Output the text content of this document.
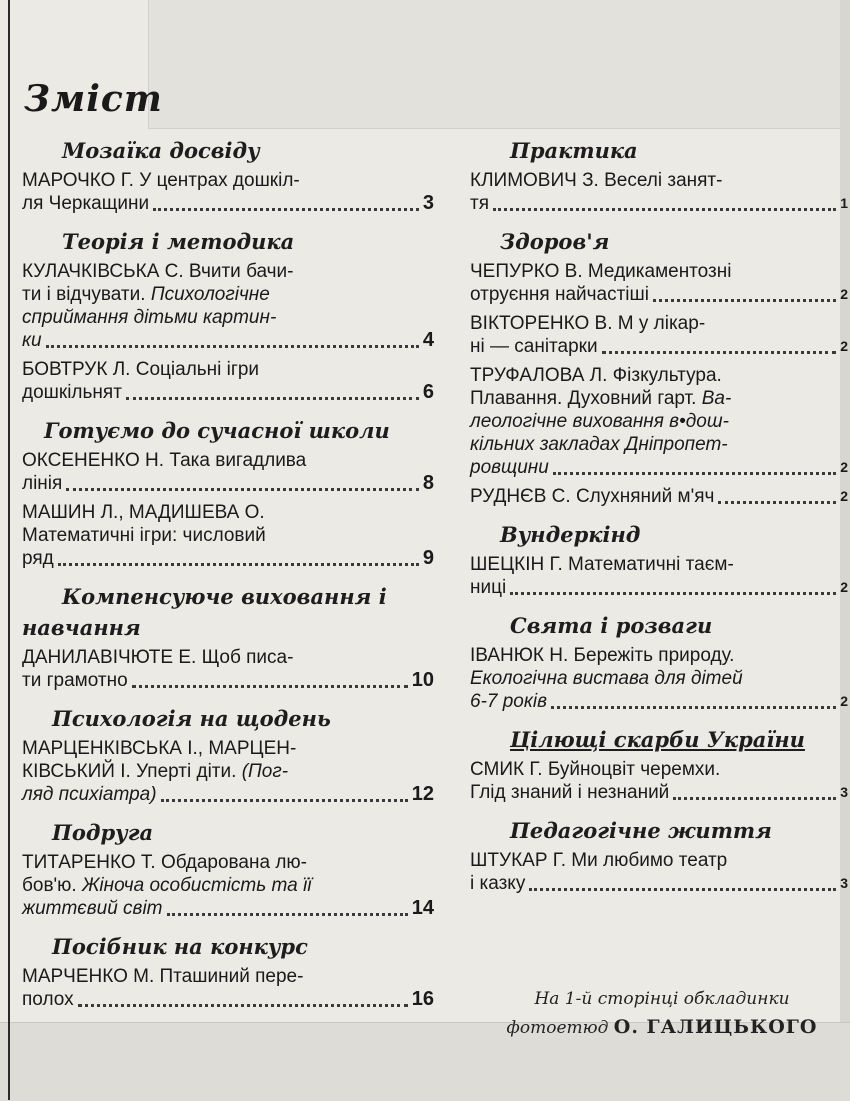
Зміст
Мозаїка досвіду
МАРОЧКО Г. У центрах дошкіл-
ля Черкащини	3
Теорія і методика
КУЛАЧКІВСЬКА С. Вчити бачи-
ти і відчувати. Психологічне
сприймання дітьми картин-
ки	4
БОВТРУК Л. Соціальні ігри
дошкільнят	6
Готуємо до сучасної школи
ОКСЕНЕНКО Н. Така вигадлива
лінія	8
МАШИН Л., МАДИШЕВА О.
Математичні ігри: числовий
ряд	9
Компенсуюче виховання і
навчання
ДАНИЛАВІЧЮТЕ Е. Щоб писа-
ти грамотно	10
Психологія на щодень
МАРЦЕНКІВСЬКА І., МАРЦЕН-
КІВСЬКИЙ І. Уперті діти. (Пог-
ляд психіатра)	12
Подруга
ТИТАРЕНКО Т. Обдарована лю-
бов'ю. Жіноча особистість та її
життєвий світ	14
Посібник на конкурс
МАРЧЕНКО М. Пташиний пере-
полох	16
Практика
КЛИМОВИЧ З. Веселі занят-
тя	1
Здоров'я
ЧЕПУРКО В. Медикаментозні
отруєння найчастіші	2
ВІКТОРЕНКО В. М у лікар-
ні — санітарки	2
ТРУФАЛОВА Л. Фізкультура.
Плавання. Духовний гарт. Ва-
леологічне виховання в•дош-
кільних закладах Дніпропет-
ровщини	2
РУДНЄВ С. Слухняний м'яч	2
Вундеркінд
ШЕЦКІН Г. Математичні таєм-
ниці	2
Свята і розваги
ІВАНЮК Н. Бережіть природу.
Екологічна вистава для дітей
6-7 років	2
Цілющі скарби України
СМИК Г. Буйноцвіт черемхи.
Глід знаний і незнаний	3
Педагогічне життя
ШТУКАР Г. Ми любимо театр
і казку	3
На 1-й сторінці обкладинки
фотоетюд О. ГАЛИЦЬКОГО
